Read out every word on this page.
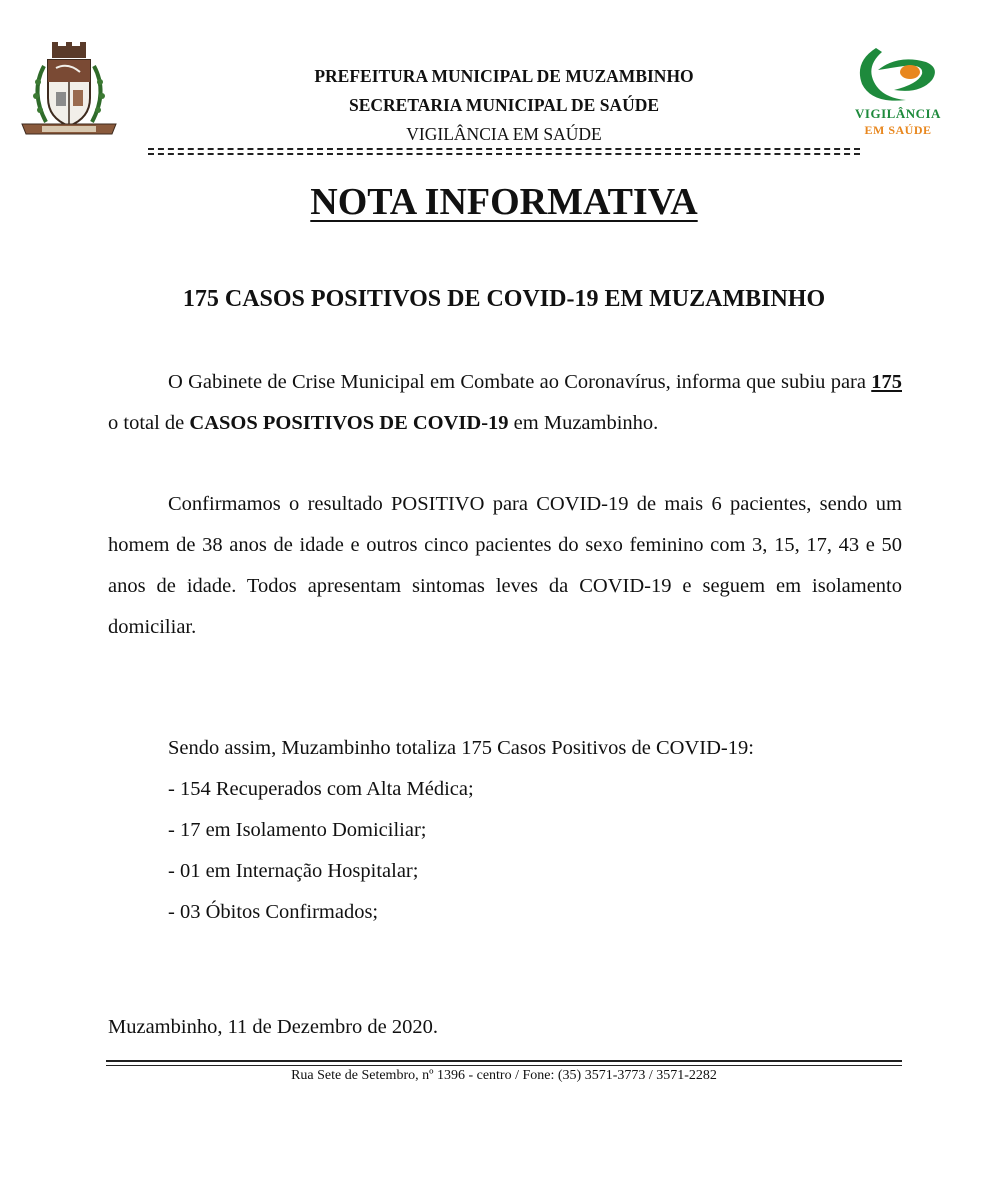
VIGILÂNCIA
EM SAÚDE
PREFEITURA MUNICIPAL DE MUZAMBINHO
SECRETARIA MUNICIPAL DE SAÚDE
VIGILÂNCIA EM SAÚDE
NOTA INFORMATIVA
175 CASOS POSITIVOS DE COVID-19 EM MUZAMBINHO
O Gabinete de Crise Municipal em Combate ao Coronavírus, informa que subiu para 175 o total de CASOS POSITIVOS DE COVID-19 em Muzambinho.
Confirmamos o resultado POSITIVO para COVID-19 de mais 6 pacientes, sendo um homem de 38 anos de idade e outros cinco pacientes do sexo feminino com 3, 15, 17, 43 e 50 anos de idade. Todos apresentam sintomas leves da COVID-19 e seguem em isolamento domiciliar.
Sendo assim, Muzambinho totaliza 175 Casos Positivos de COVID-19:
- 154 Recuperados com Alta Médica;
- 17 em Isolamento Domiciliar;
- 01 em Internação Hospitalar;
- 03 Óbitos Confirmados;
Muzambinho, 11 de Dezembro de 2020.
Rua Sete de Setembro, nº 1396 - centro / Fone: (35) 3571-3773 / 3571-2282
